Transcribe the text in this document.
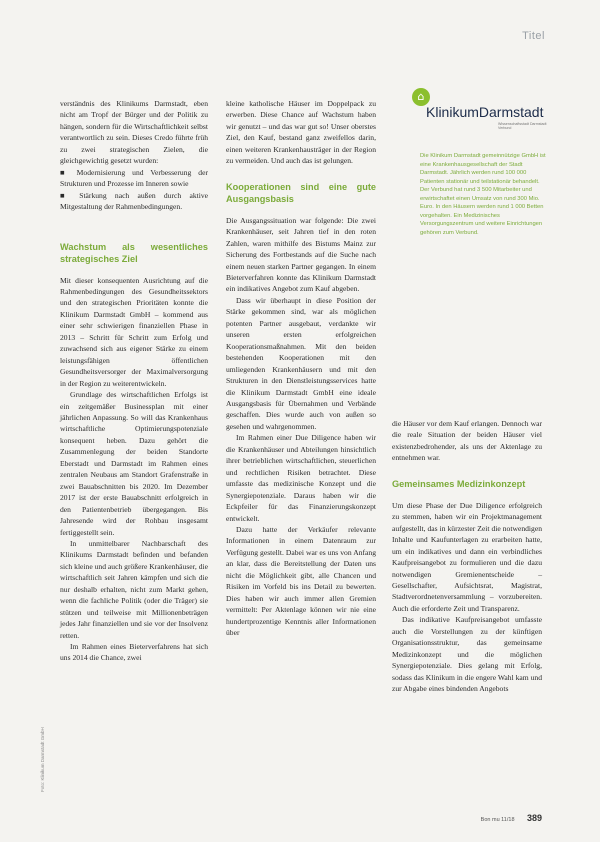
Titel

verständnis des Klinikums Darmstadt, eben nicht am Tropf der Bürger und der Politik zu hängen, sondern für die Wirtschaftlichkeit selbst verantwortlich zu sein. Dieses Credo führte früh zu zwei strategischen Zielen, die gleichgewichtig gesetzt wurden:

■ Modernisierung und Verbesserung der Strukturen und Prozesse im Inneren sowie

■ Stärkung nach außen durch aktive Mitgestaltung der Rahmenbedingungen.

Wachstum als wesentliches strategisches Ziel

Mit dieser konsequenten Ausrichtung auf die Rahmenbedingungen des Gesundheitssektors und den strategischen Prioritäten konnte die Klinikum Darmstadt GmbH – kommend aus einer sehr schwierigen finanziellen Phase in 2013 – Schritt für Schritt zum Erfolg und zuwachsend sich aus eigener Stärke zu einem leistungsfähigen öffentlichen Gesundheitsversorger der Maximalversorgung in der Region zu weiterentwickeln.

Grundlage des wirtschaftlichen Erfolgs ist ein zeitgemäßer Businessplan mit einer jährlichen Anpassung. So will das Krankenhaus wirtschaftliche Optimierungspotenziale konsequent heben. Dazu gehört die Zusammenlegung der beiden Standorte Eberstadt und Darmstadt im Rahmen eines zentralen Neubaus am Standort Grafenstraße in zwei Bauabschnitten bis 2020. Im Dezember 2017 ist der erste Bauabschnitt erfolgreich in den Patientenbetrieb übergegangen. Bis Jahresende wird der Rohbau insgesamt fertiggestellt sein.

In unmittelbarer Nachbarschaft des Klinikums Darmstadt befinden und befanden sich kleine und auch größere Krankenhäuser, die wirtschaftlich seit Jahren kämpfen und sich die nur deshalb erhalten, nicht zum Markt gehen, wenn die fachliche Politik (oder die Träger) sie stützen und teilweise mit Millionenbeträgen jedes Jahr finanziellen und sie vor der Insolvenz retten.

Im Rahmen eines Bieterverfahrens hat sich uns 2014 die Chance, zwei

kleine katholische Häuser im Doppelpack zu erwerben. Diese Chance auf Wachstum haben wir genutzt – und das war gut so! Unser oberstes Ziel, den Kauf, bestand ganz zweifellos darin, einen weiteren Krankenhausträger in der Region zu vermeiden. Und auch das ist gelungen.

Kooperationen sind eine gute Ausgangsbasis

Die Ausgangssituation war folgende: Die zwei Krankenhäuser, seit Jahren tief in den roten Zahlen, waren mithilfe des Bistums Mainz zur Sicherung des Fortbestands auf die Suche nach einem neuen starken Partner gegangen. In einem Bieterverfahren konnte das Klinikum Darmstadt ein indikatives Angebot zum Kauf abgeben.

Dass wir überhaupt in diese Position der Stärke gekommen sind, war als möglichen potenten Partner ausgebaut, verdankte wir unseren ersten erfolgreichen Kooperationsmaßnahmen. Mit den beiden bestehenden Kooperationen mit den umliegenden Krankenhäusern und mit den Strukturen in den Dienstleistungsservices hatte die Klinikum Darmstadt GmbH eine ideale Ausgangsbasis für Übernahmen und Verbände geschaffen. Dies wurde auch von außen so gesehen und wahrgenommen.

Im Rahmen einer Due Diligence haben wir die Krankenhäuser und Abteilungen hinsichtlich ihrer betrieblichen wirtschaftlichen, steuerlichen und rechtlichen Risiken betrachtet. Diese umfasste das medizinische Konzept und die Synergiepotenziale. Daraus haben wir die Eckpfeiler für das Finanzierungskonzept entwickelt.

Dazu hatte der Verkäufer relevante Informationen in einem Datenraum zur Verfügung gestellt. Dabei war es uns von Anfang an klar, dass die Bereitstellung der Daten uns nicht die Möglichkeit gibt, alle Chancen und Risiken im Vorfeld bis ins Detail zu bewerten. Dies haben wir auch immer allen Gremien vermittelt: Per Aktenlage können wir nie eine hundertprozentige Kenntnis aller Informationen über

⌂
KlinikumDarmstadt
Wissenschaftsstadt Darmstadt Verbund
Die Klinikum Darmstadt gemeinnützige GmbH ist eine Krankenhausgesellschaft der Stadt Darmstadt. Jährlich werden rund 100 000 Patienten stationär und teilstationär behandelt. Der Verbund hat rund 3 500 Mitarbeiter und erwirtschaftet einen Umsatz von rund 300 Mio. Euro. In den Häusern werden rund 1 000 Betten vorgehalten. Ein Medizinisches Versorgungszentrum und weitere Einrichtungen gehören zum Verbund.

die Häuser vor dem Kauf erlangen. Dennoch war die reale Situation der beiden Häuser viel existenzbedrohender, als uns der Aktenlage zu entnehmen war.

Gemeinsames Medizinkonzept

Um diese Phase der Due Diligence erfolgreich zu stemmen, haben wir ein Projektmanagement aufgestellt, das in kürzester Zeit die notwendigen Inhalte und Kaufunterlagen zu erarbeiten hatte, um ein indikatives und dann ein verbindliches Kaufpreisangebot zu formulieren und die dazu notwendigen Gremienentscheide – Gesellschafter, Aufsichtsrat, Magistrat, Stadtverordnetenversammlung – vorzubereiten. Auch die erforderte Zeit und Transparenz.

Das indikative Kaufpreisangebot umfasste auch die Vorstellungen zu der künftigen Organisationsstruktur, das gemeinsame Medizinkonzept und die möglichen Synergiepotenziale. Dies gelang mit Erfolg, sodass das Klinikum in die engere Wahl kam und zur Abgabe eines bindenden Angebots

Foto: Klinikum Darmstadt GmbH
Bon mu 11/18 389
